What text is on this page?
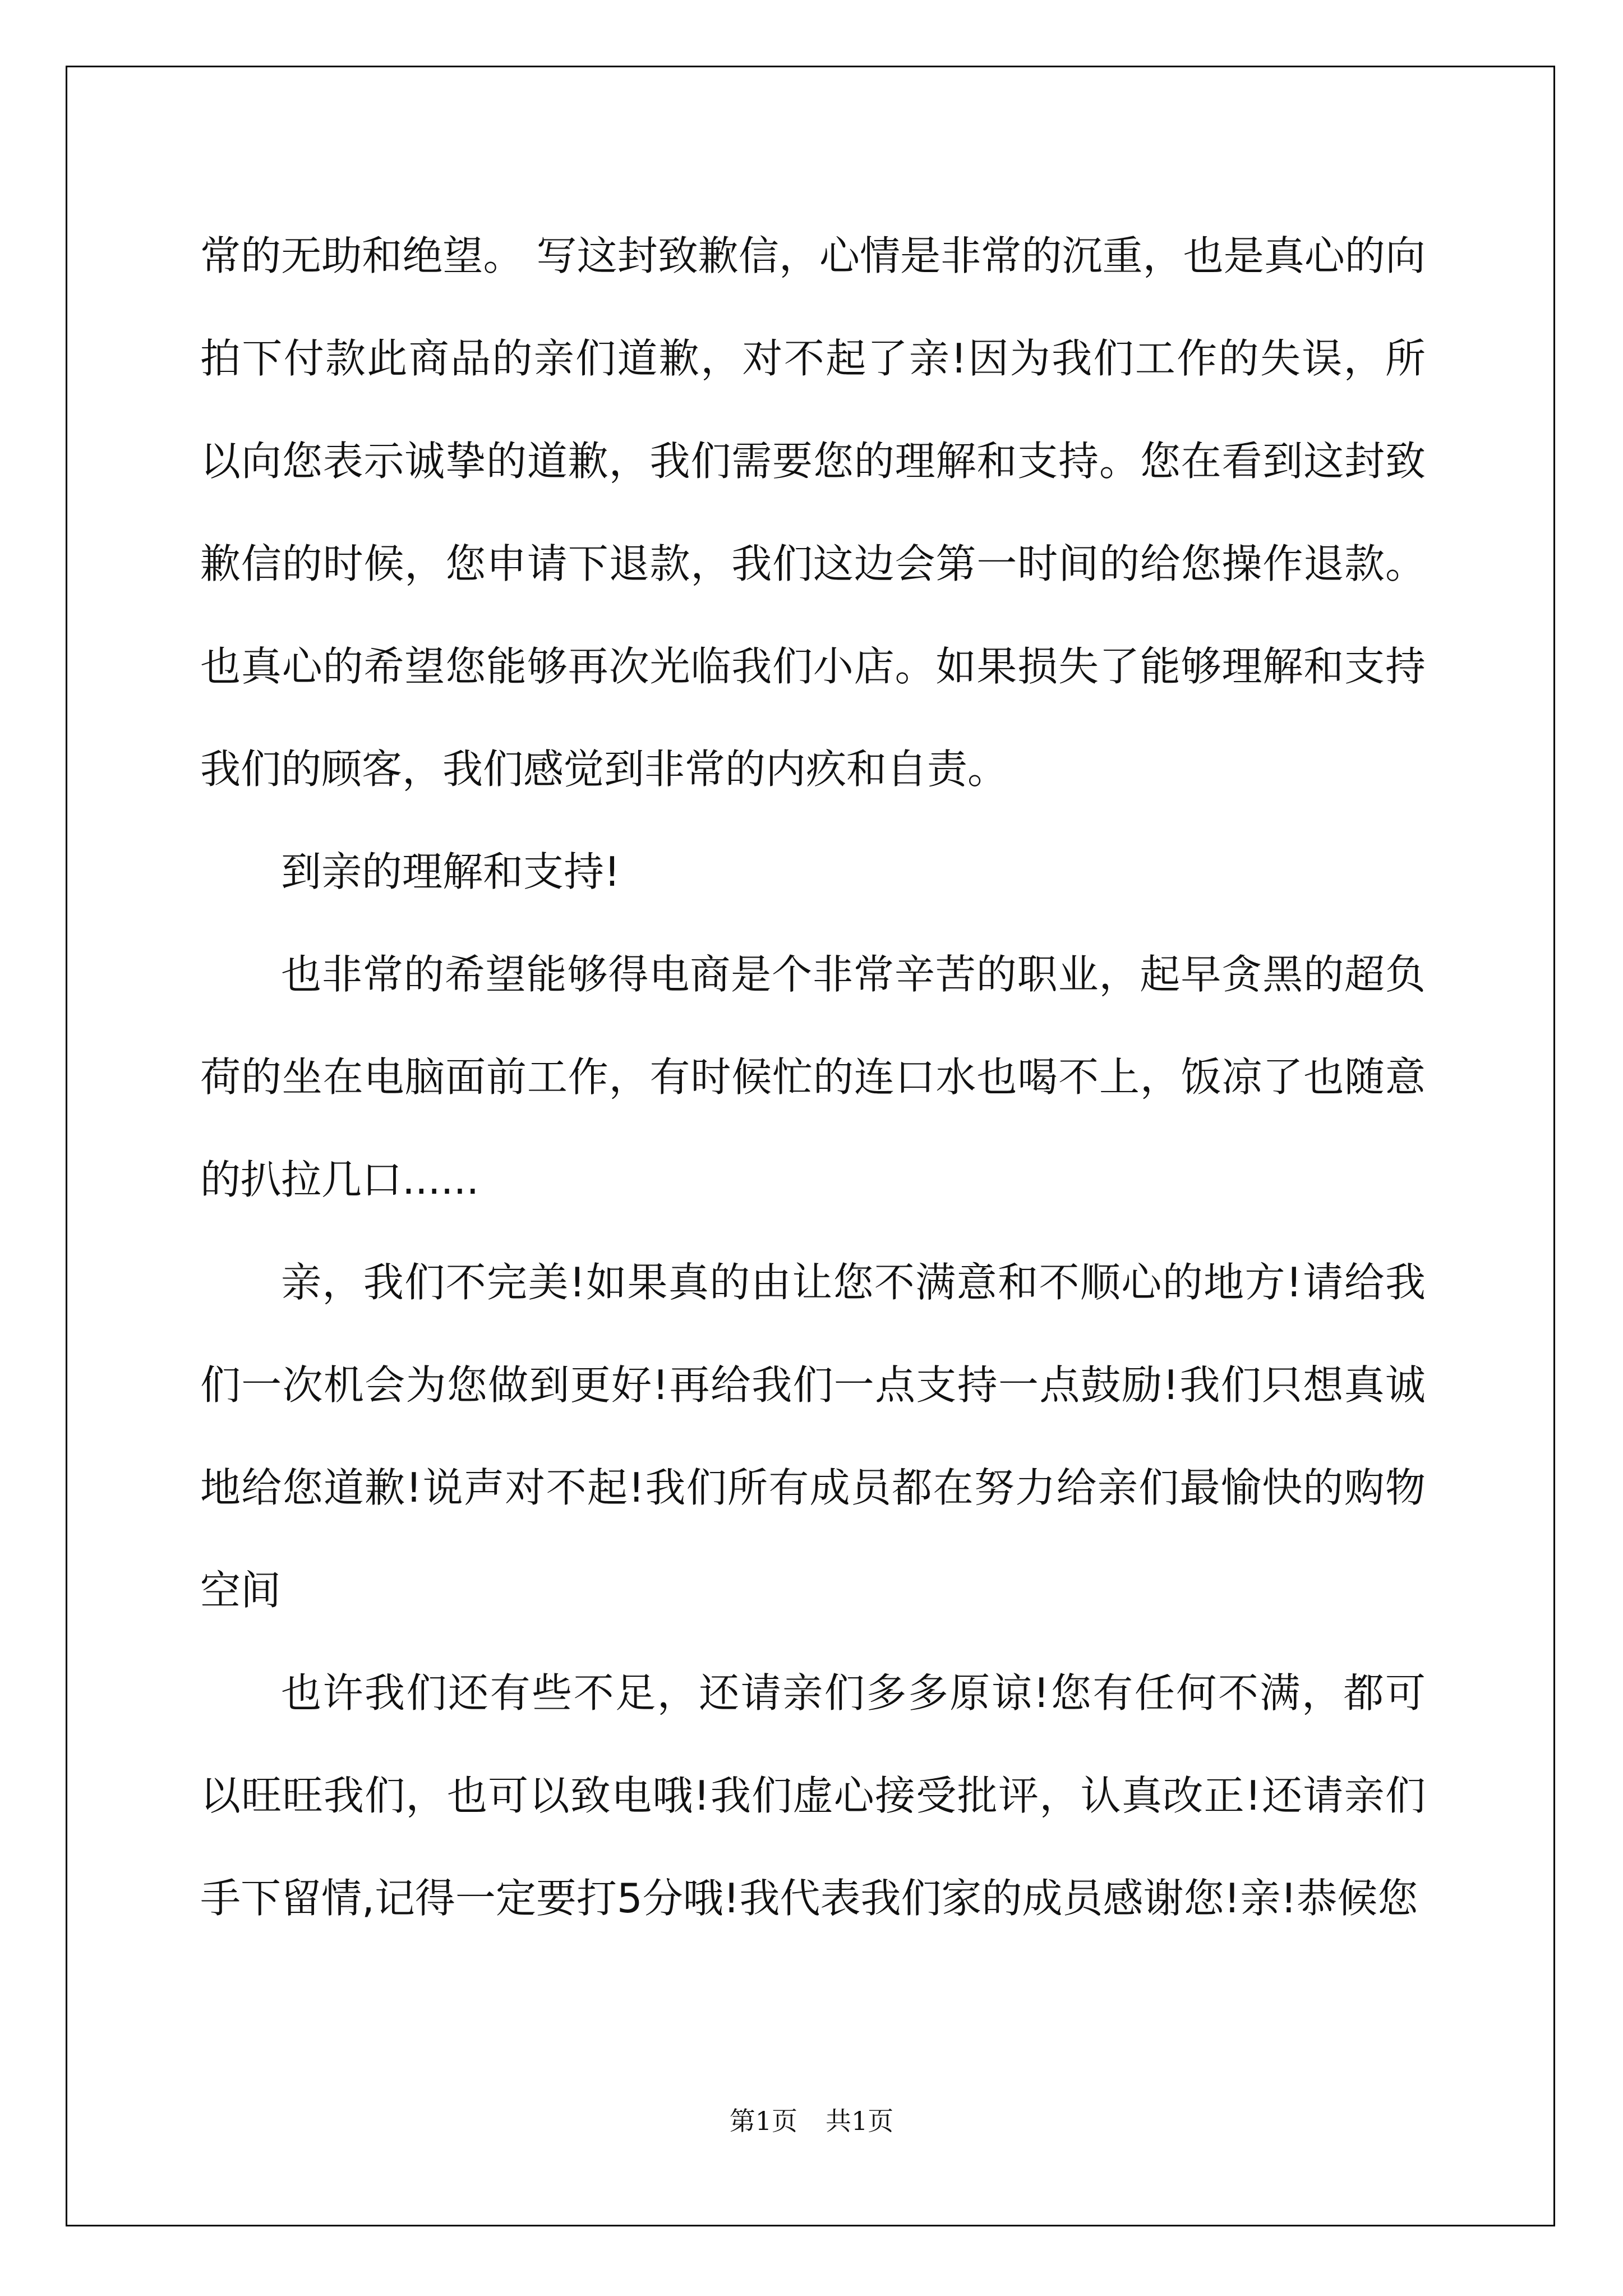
常的无助和绝望。 写这封致歉信，心情是非常的沉重，也是真心的向拍下付款此商品的亲们道歉，对不起了亲!因为我们工作的失误，所以向您表示诚挚的道歉，我们需要您的理解和支持。您在看到这封致歉信的时候，您申请下退款，我们这边会第一时间的给您操作退款。也真心的希望您能够再次光临我们小店。如果损失了能够理解和支持我们的顾客，我们感觉到非常的内疚和自责。

到亲的理解和支持!

也非常的希望能够得电商是个非常辛苦的职业，起早贪黑的超负荷的坐在电脑面前工作，有时候忙的连口水也喝不上，饭凉了也随意的扒拉几口......

亲，我们不完美!如果真的由让您不满意和不顺心的地方!请给我们一次机会为您做到更好!再给我们一点支持一点鼓励!我们只想真诚地给您道歉!说声对不起!我们所有成员都在努力给亲们最愉快的购物空间

也许我们还有些不足，还请亲们多多原谅!您有任何不满，都可以旺旺我们，也可以致电哦!我们虚心接受批评，认真改正!还请亲们手下留情,记得一定要打5分哦!我代表我们家的成员感谢您!亲!恭候您

第1页 共1页
